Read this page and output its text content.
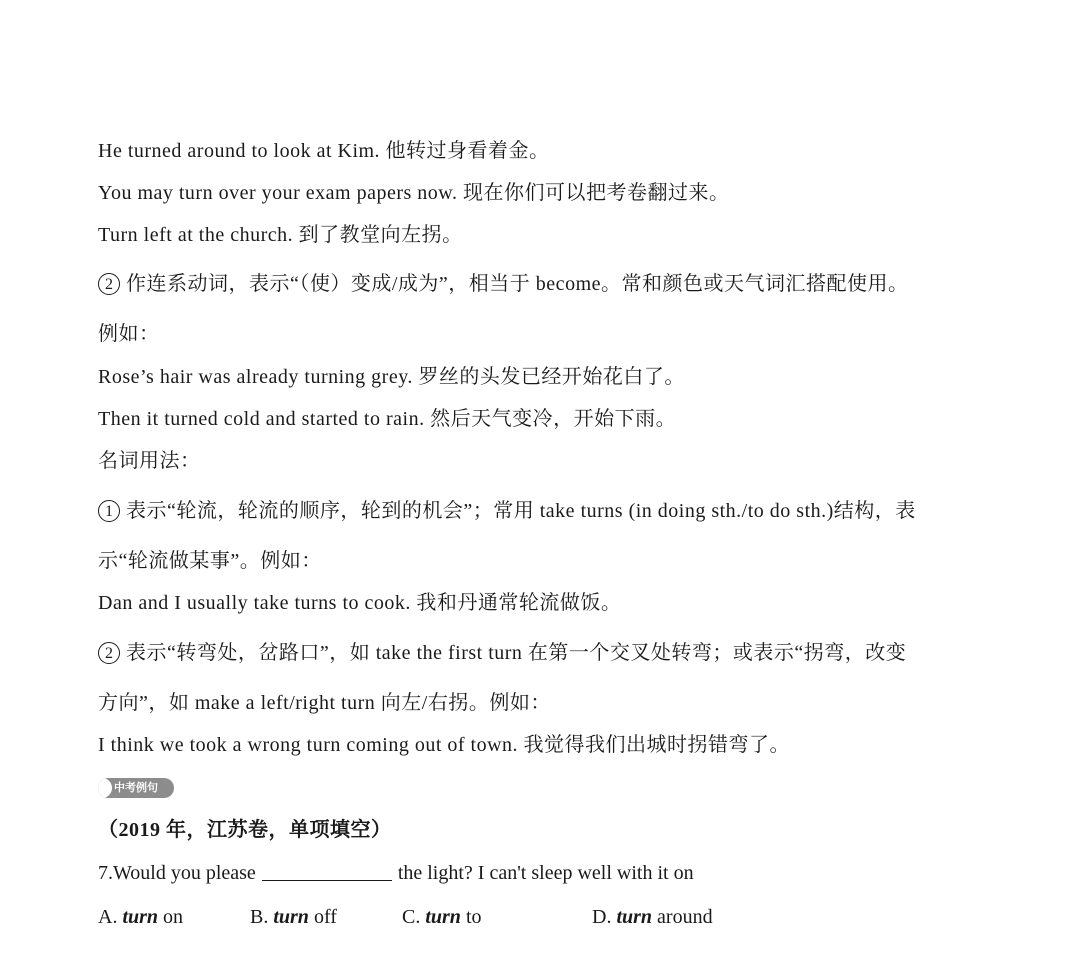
He turned around to look at Kim. 他转过身看着金。
You may turn over your exam papers now. 现在你们可以把考卷翻过来。
Turn left at the church. 到了教堂向左拐。
2 作连系动词，表示“（使）变成/成为”，相当于 become。常和颜色或天气词汇搭配使用。
例如：
Rose’s hair was already turning grey. 罗丝的头发已经开始花白了。
Then it turned cold and started to rain. 然后天气变冷，开始下雨。
名词用法：
1 表示“轮流，轮流的顺序，轮到的机会”；常用 take turns (in doing sth./to do sth.)结构，表
示“轮流做某事”。例如：
Dan and I usually take turns to cook. 我和丹通常轮流做饭。
2 表示“转弯处，岔路口”，如 take the first turn 在第一个交叉处转弯；或表示“拐弯，改变
方向”，如 make a left/right turn 向左/右拐。例如：
I think we took a wrong turn coming out of town. 我觉得我们出城时拐错弯了。
中考例句
（2019 年，江苏卷，单项填空）
7.Would you please	the light? I can't sleep well with it on
A. turn on	B. turn off	C. turn to	D. turn around
